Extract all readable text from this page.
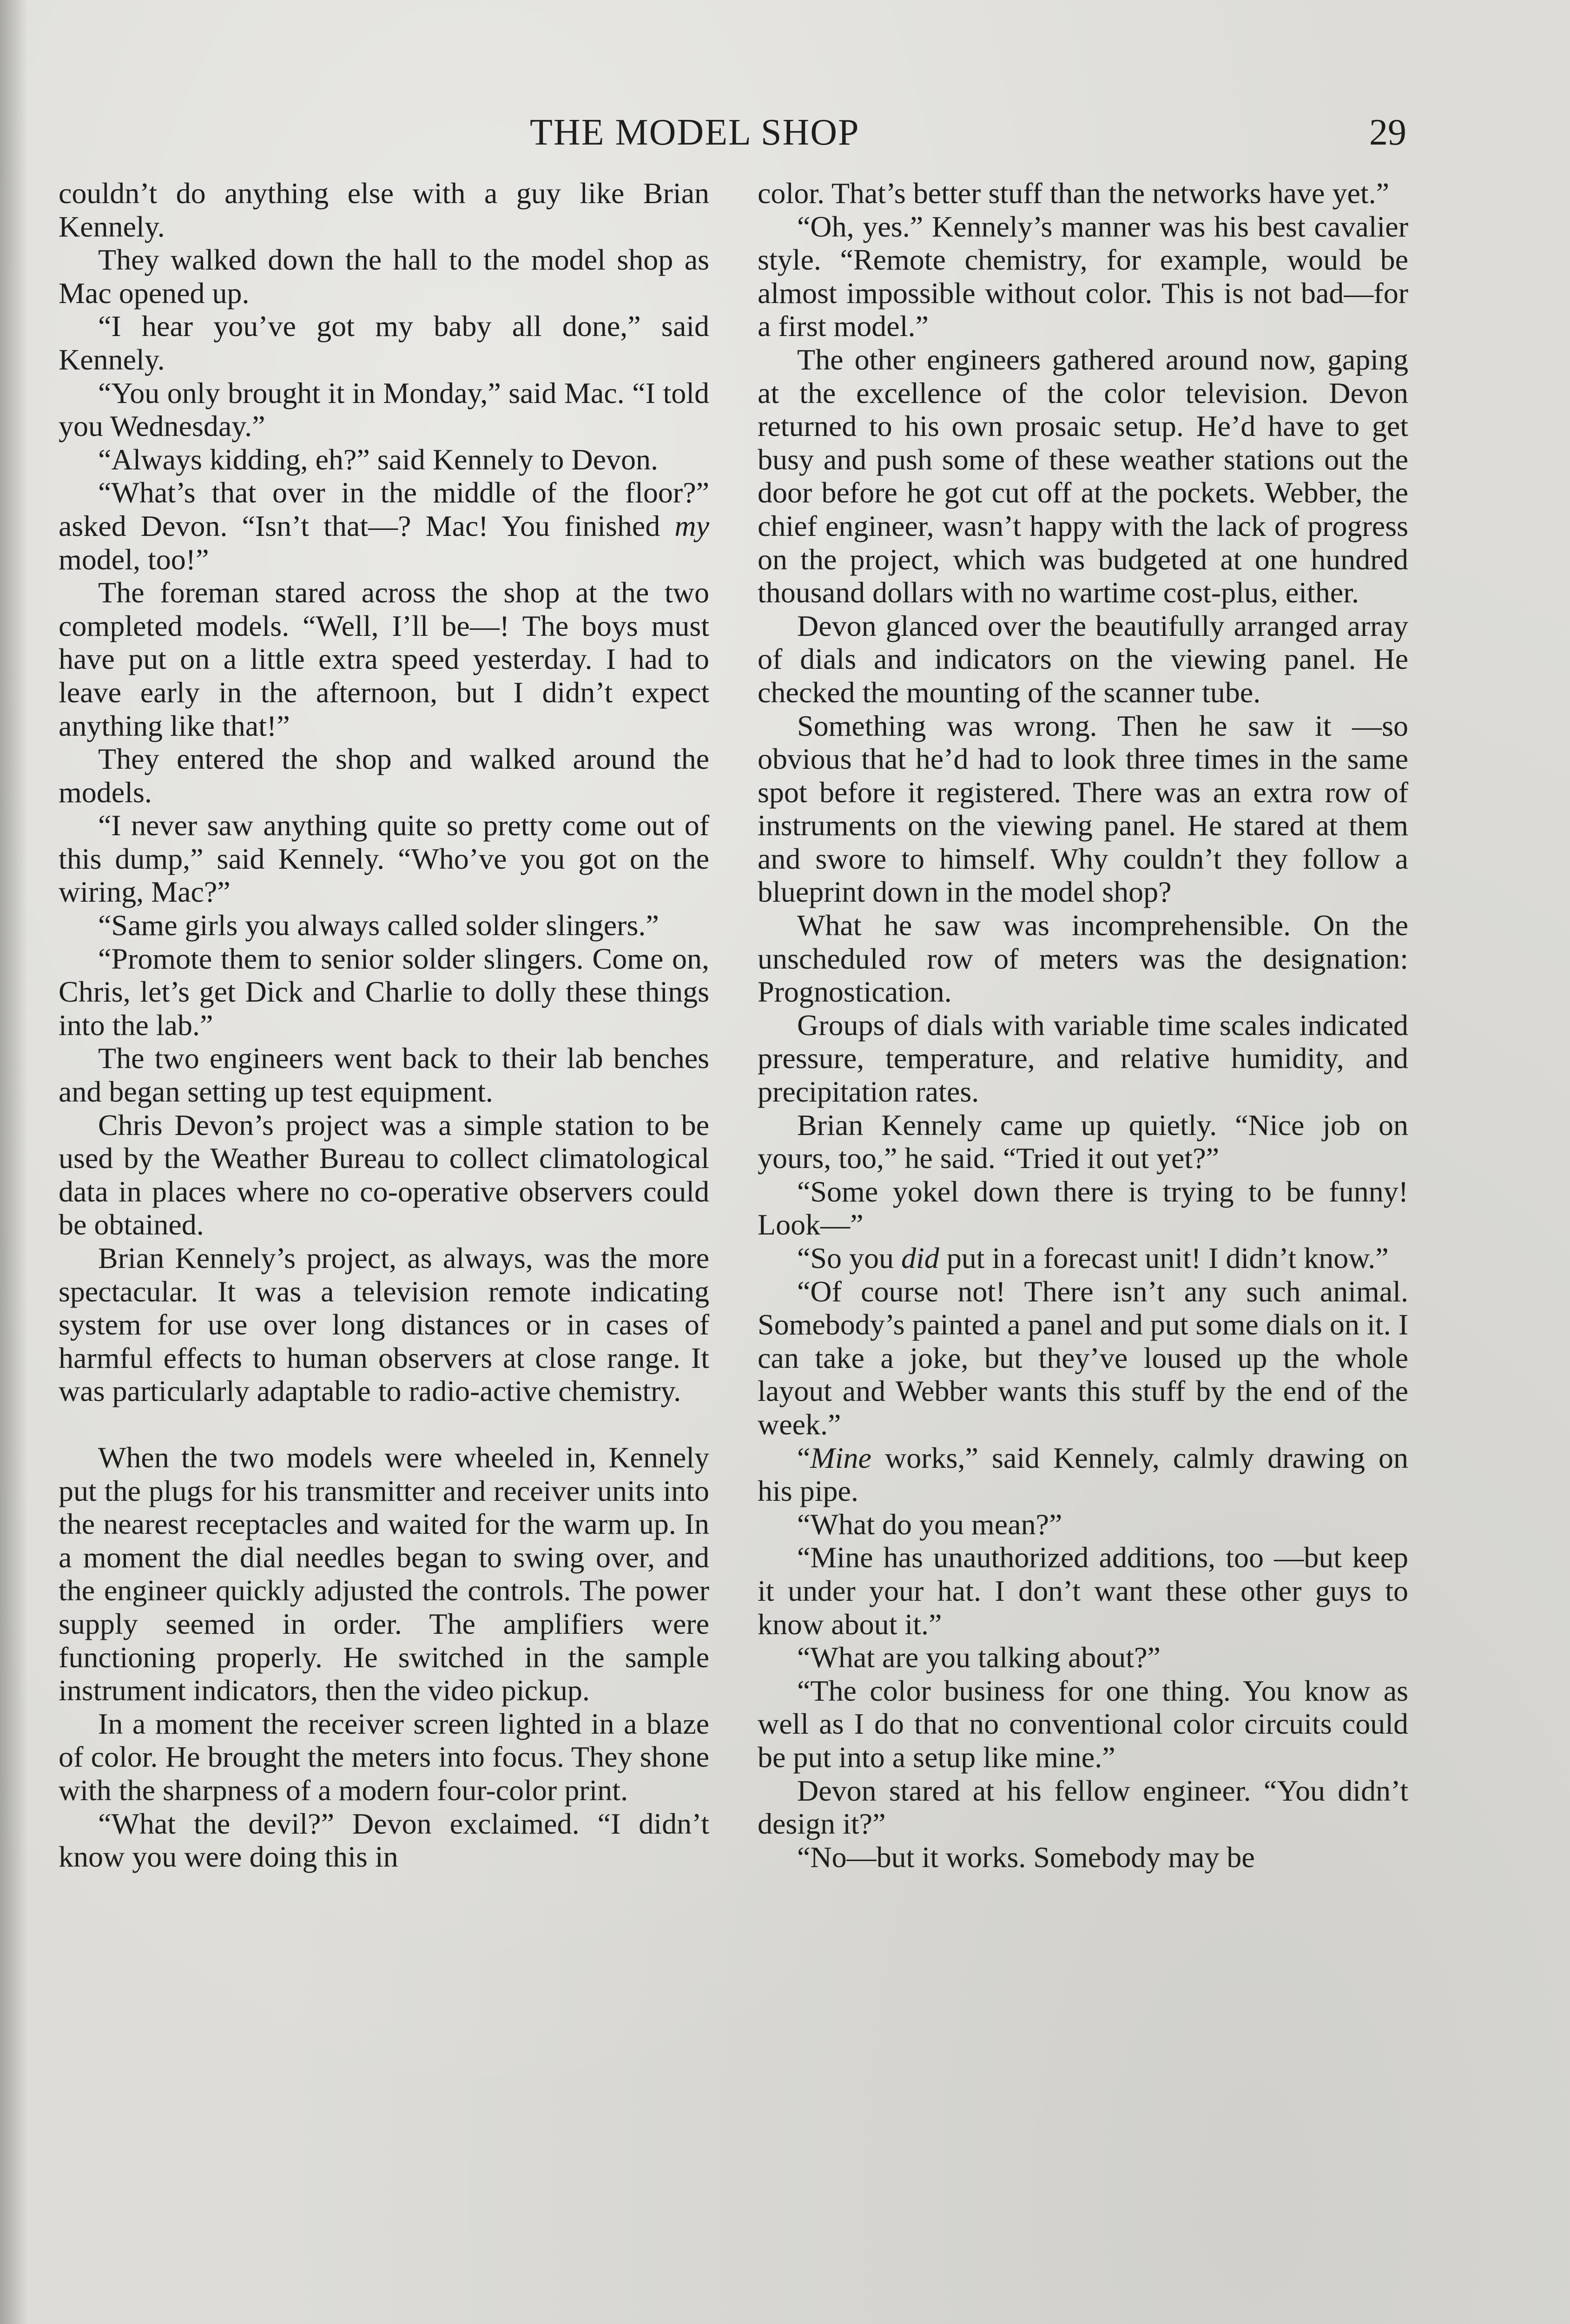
THE MODEL SHOP	29

couldn’t do anything else with a guy like Brian Kennely.

They walked down the hall to the model shop as Mac opened up.

“I hear you’ve got my baby all done,” said Kennely.

“You only brought it in Monday,” said Mac. “I told you Wednesday.”

“Always kidding, eh?” said Kennely to Devon.

“What’s that over in the middle of the floor?” asked Devon. “Isn’t that—? Mac! You finished my model, too!”

The foreman stared across the shop at the two completed models. “Well, I’ll be—! The boys must have put on a little extra speed yesterday. I had to leave early in the afternoon, but I didn’t expect anything like that!”

They entered the shop and walked around the models.

“I never saw anything quite so pretty come out of this dump,” said Kennely. “Who’ve you got on the wiring, Mac?”

“Same girls you always called solder slingers.”

“Promote them to senior solder slingers. Come on, Chris, let’s get Dick and Charlie to dolly these things into the lab.”

The two engineers went back to their lab benches and began setting up test equipment.

Chris Devon’s project was a simple station to be used by the Weather Bureau to collect climatological data in places where no co-operative observers could be obtained.

Brian Kennely’s project, as always, was the more spectacular. It was a television remote indicating system for use over long distances or in cases of harmful effects to human observers at close range. It was particularly adaptable to radio-active chemistry.

When the two models were wheeled in, Kennely put the plugs for his transmitter and receiver units into the nearest receptacles and waited for the warm up. In a moment the dial needles began to swing over, and the engineer quickly adjusted the controls. The power supply seemed in order. The amplifiers were functioning properly. He switched in the sample instrument indicators, then the video pickup.

In a moment the receiver screen lighted in a blaze of color. He brought the meters into focus. They shone with the sharpness of a modern four-color print.

“What the devil?” Devon exclaimed. “I didn’t know you were doing this in

color. That’s better stuff than the networks have yet.”

“Oh, yes.” Kennely’s manner was his best cavalier style. “Remote chemistry, for example, would be almost impossible without color. This is not bad—for a first model.”

The other engineers gathered around now, gaping at the excellence of the color television. Devon returned to his own prosaic setup. He’d have to get busy and push some of these weather stations out the door before he got cut off at the pockets. Webber, the chief engineer, wasn’t happy with the lack of progress on the project, which was budgeted at one hundred thousand dollars with no wartime cost-plus, either.

Devon glanced over the beautifully arranged array of dials and indicators on the viewing panel. He checked the mounting of the scanner tube.

Something was wrong. Then he saw it —so obvious that he’d had to look three times in the same spot before it registered. There was an extra row of instruments on the viewing panel. He stared at them and swore to himself. Why couldn’t they follow a blueprint down in the model shop?

What he saw was incomprehensible. On the unscheduled row of meters was the designation: Prognostication.

Groups of dials with variable time scales indicated pressure, temperature, and relative humidity, and precipitation rates.

Brian Kennely came up quietly. “Nice job on yours, too,” he said. “Tried it out yet?”

“Some yokel down there is trying to be funny! Look—”

“So you did put in a forecast unit! I didn’t know.”

“Of course not! There isn’t any such animal. Somebody’s painted a panel and put some dials on it. I can take a joke, but they’ve loused up the whole layout and Webber wants this stuff by the end of the week.”

“Mine works,” said Kennely, calmly drawing on his pipe.

“What do you mean?”

“Mine has unauthorized additions, too —but keep it under your hat. I don’t want these other guys to know about it.”

“What are you talking about?”

“The color business for one thing. You know as well as I do that no conventional color circuits could be put into a setup like mine.”

Devon stared at his fellow engineer. “You didn’t design it?”

“No—but it works. Somebody may be
